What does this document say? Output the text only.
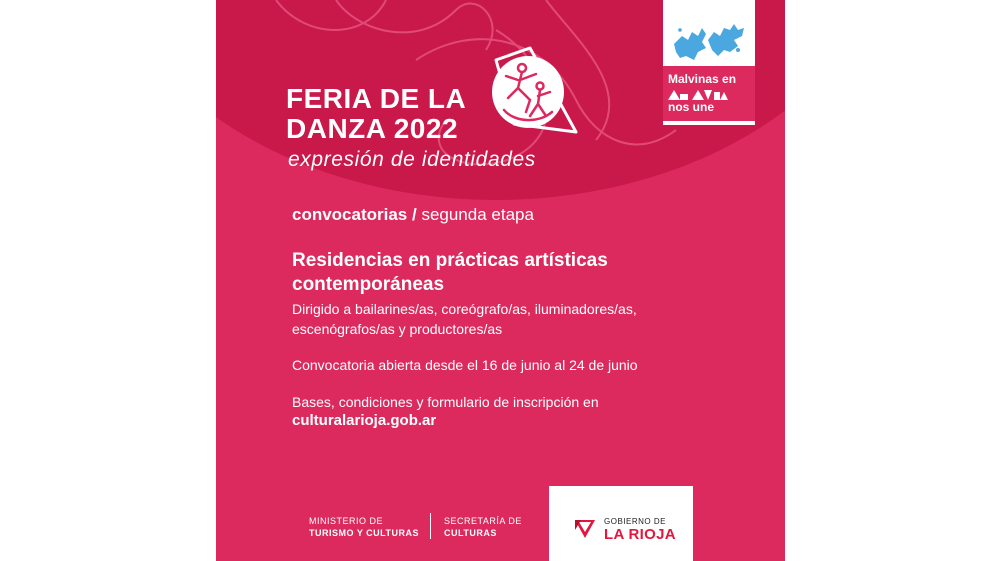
FERIA DE LA
DANZA 2022
expresión de identidades
Malvinas en
nos une
convocatorias / segunda etapa
Residencias en prácticas artísticas contemporáneas
Dirigido a bailarines/as, coreógrafo/as, iluminadores/as, escenógrafos/as y productores/as
Convocatoria abierta desde el 16 de junio al 24 de junio
Bases, condiciones y formulario de inscripción en
culturalarioja.gob.ar
MINISTERIO DE
TURISMO Y CULTURAS
SECRETARÍA DE
CULTURAS
GOBIERNO DE
LA RIOJA
